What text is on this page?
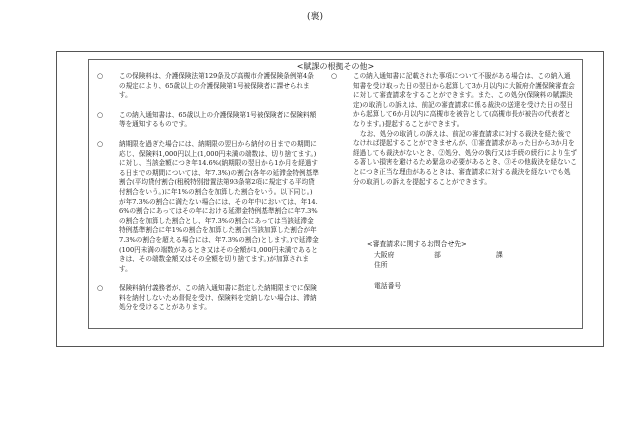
(裏)
<賦課の根拠その他>
○ この保険料は、介護保険法第129条及び高槻市介護保険条例第4条の規定により、65歳以上の介護保険第1号被保険者に課せられます。
○ この納入通知書は、65歳以上の介護保険第1号被保険者に保険料額等を通知するものです。
○ 納期限を過ぎた場合には、納期限の翌日から納付の日までの期間に応じ、保険料1,000円以上(1,000円未満の端数は、切り捨てます。)に対し、当該金額につき年14.6%(納期限の翌日から1か月を経過する日までの期間については、年7.3%)の割合(各年の延滞金特例基準割合(平均貸付割合(租税特別措置法第93条第2項に規定する平均貸付割合をいう。)に年1%の割合を加算した割合をいう。以下同じ。)が年7.3%の割合に満たない場合には、その年中においては、年14.6%の割合にあってはその年における延滞金特例基準割合に年7.3%の割合を加算した割合とし、年7.3%の割合にあっては当該延滞金特例基準割合に年1%の割合を加算した割合(当該加算した割合が年7.3%の割合を超える場合には、年7.3%の割合)とします。)で延滞金(100円未満の端数があるとき又はその全額が1,000円未満であるときは、その端数金額又はその全額を切り捨てます。)が加算されます。
○ 保険料納付義務者が、この納入通知書に指定した納期限までに保険料を納付しないため督促を受け、保険料を完納しない場合は、滞納処分を受けることがあります。
○ この納入通知書に記載された事項について不服がある場合は、この納入通知書を受け取った日の翌日から起算して3か月以内に大阪府介護保険審査会に対して審査請求をすることができます。また、この処分(保険料の賦課決定)の取消しの訴えは、前記の審査請求に係る裁決の送達を受けた日の翌日から起算して6か月以内に高槻市を被告として(高槻市長が被告の代表者となります。)提起することができます。
なお、処分の取消しの訴えは、前記の審査請求に対する裁決を経た後でなければ提起することができませんが、①審査請求があった日から3か月を経過しても裁決がないとき、②処分、処分の執行又は手続の続行により生ずる著しい損害を避けるため緊急の必要があるとき、③その他裁決を経ないことにつき正当な理由があるときは、審査請求に対する裁決を経ないでも処分の取消しの訴えを提起することができます。
<審査請求に関するお問合せ先>
大阪府	部	課
住所
電話番号
